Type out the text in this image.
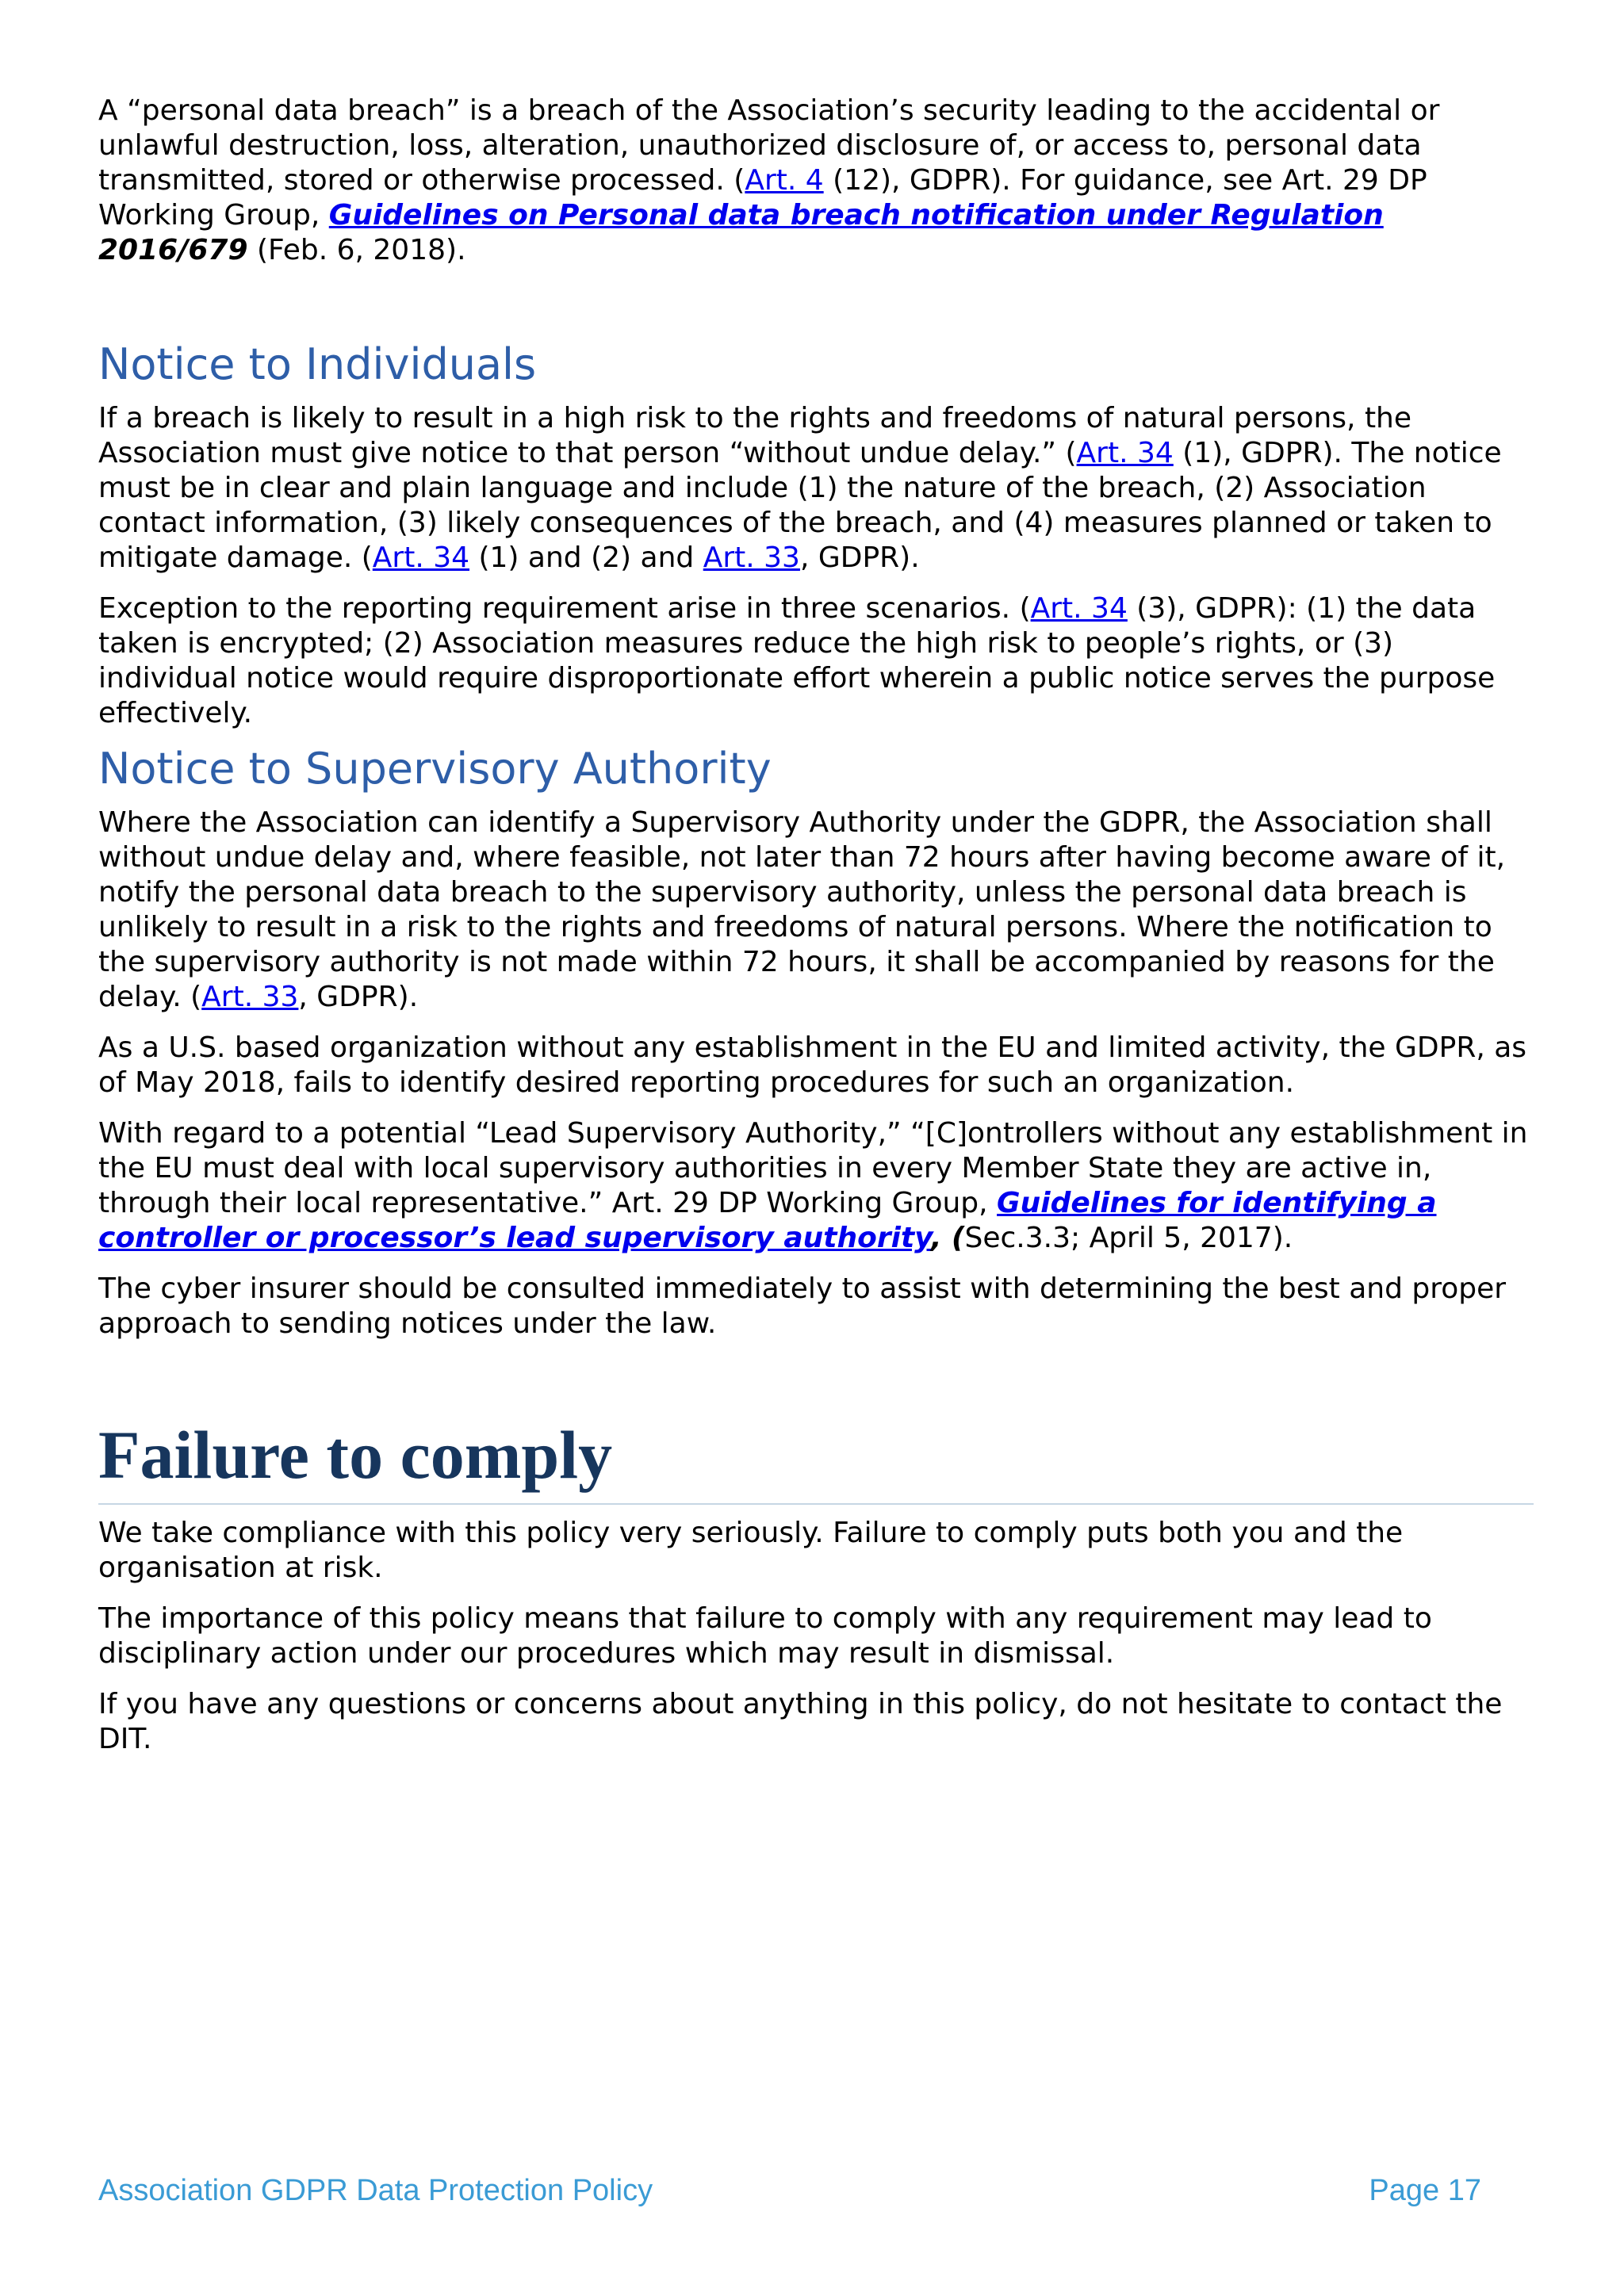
A “personal data breach” is a breach of the Association’s security leading to the accidental or unlawful destruction, loss, alteration, unauthorized disclosure of, or access to, personal data transmitted, stored or otherwise processed. (Art. 4 (12), GDPR). For guidance, see Art. 29 DP Working Group, Guidelines on Personal data breach notification under Regulation 2016/679 (Feb. 6, 2018).

Notice to Individuals

If a breach is likely to result in a high risk to the rights and freedoms of natural persons, the Association must give notice to that person “without undue delay.” (Art. 34 (1), GDPR). The notice must be in clear and plain language and include (1) the nature of the breach, (2) Association contact information, (3) likely consequences of the breach, and (4) measures planned or taken to mitigate damage. (Art. 34 (1) and (2) and Art. 33, GDPR).

Exception to the reporting requirement arise in three scenarios. (Art. 34 (3), GDPR): (1) the data taken is encrypted; (2) Association measures reduce the high risk to people’s rights, or (3) individual notice would require disproportionate effort wherein a public notice serves the purpose effectively.

Notice to Supervisory Authority

Where the Association can identify a Supervisory Authority under the GDPR, the Association shall without undue delay and, where feasible, not later than 72 hours after having become aware of it, notify the personal data breach to the supervisory authority, unless the personal data breach is unlikely to result in a risk to the rights and freedoms of natural persons. Where the notification to the supervisory authority is not made within 72 hours, it shall be accompanied by reasons for the delay. (Art. 33, GDPR).

As a U.S. based organization without any establishment in the EU and limited activity, the GDPR, as of May 2018, fails to identify desired reporting procedures for such an organization.

With regard to a potential “Lead Supervisory Authority,” “[C]ontrollers without any establishment in the EU must deal with local supervisory authorities in every Member State they are active in, through their local representative.” Art. 29 DP Working Group, Guidelines for identifying a controller or processor’s lead supervisory authority, (Sec.3.3; April 5, 2017).

The cyber insurer should be consulted immediately to assist with determining the best and proper approach to sending notices under the law.

Failure to comply

We take compliance with this policy very seriously. Failure to comply puts both you and the organisation at risk.

The importance of this policy means that failure to comply with any requirement may lead to disciplinary action under our procedures which may result in dismissal.

If you have any questions or concerns about anything in this policy, do not hesitate to contact the DIT.

Association GDPR Data Protection Policy	Page 17
